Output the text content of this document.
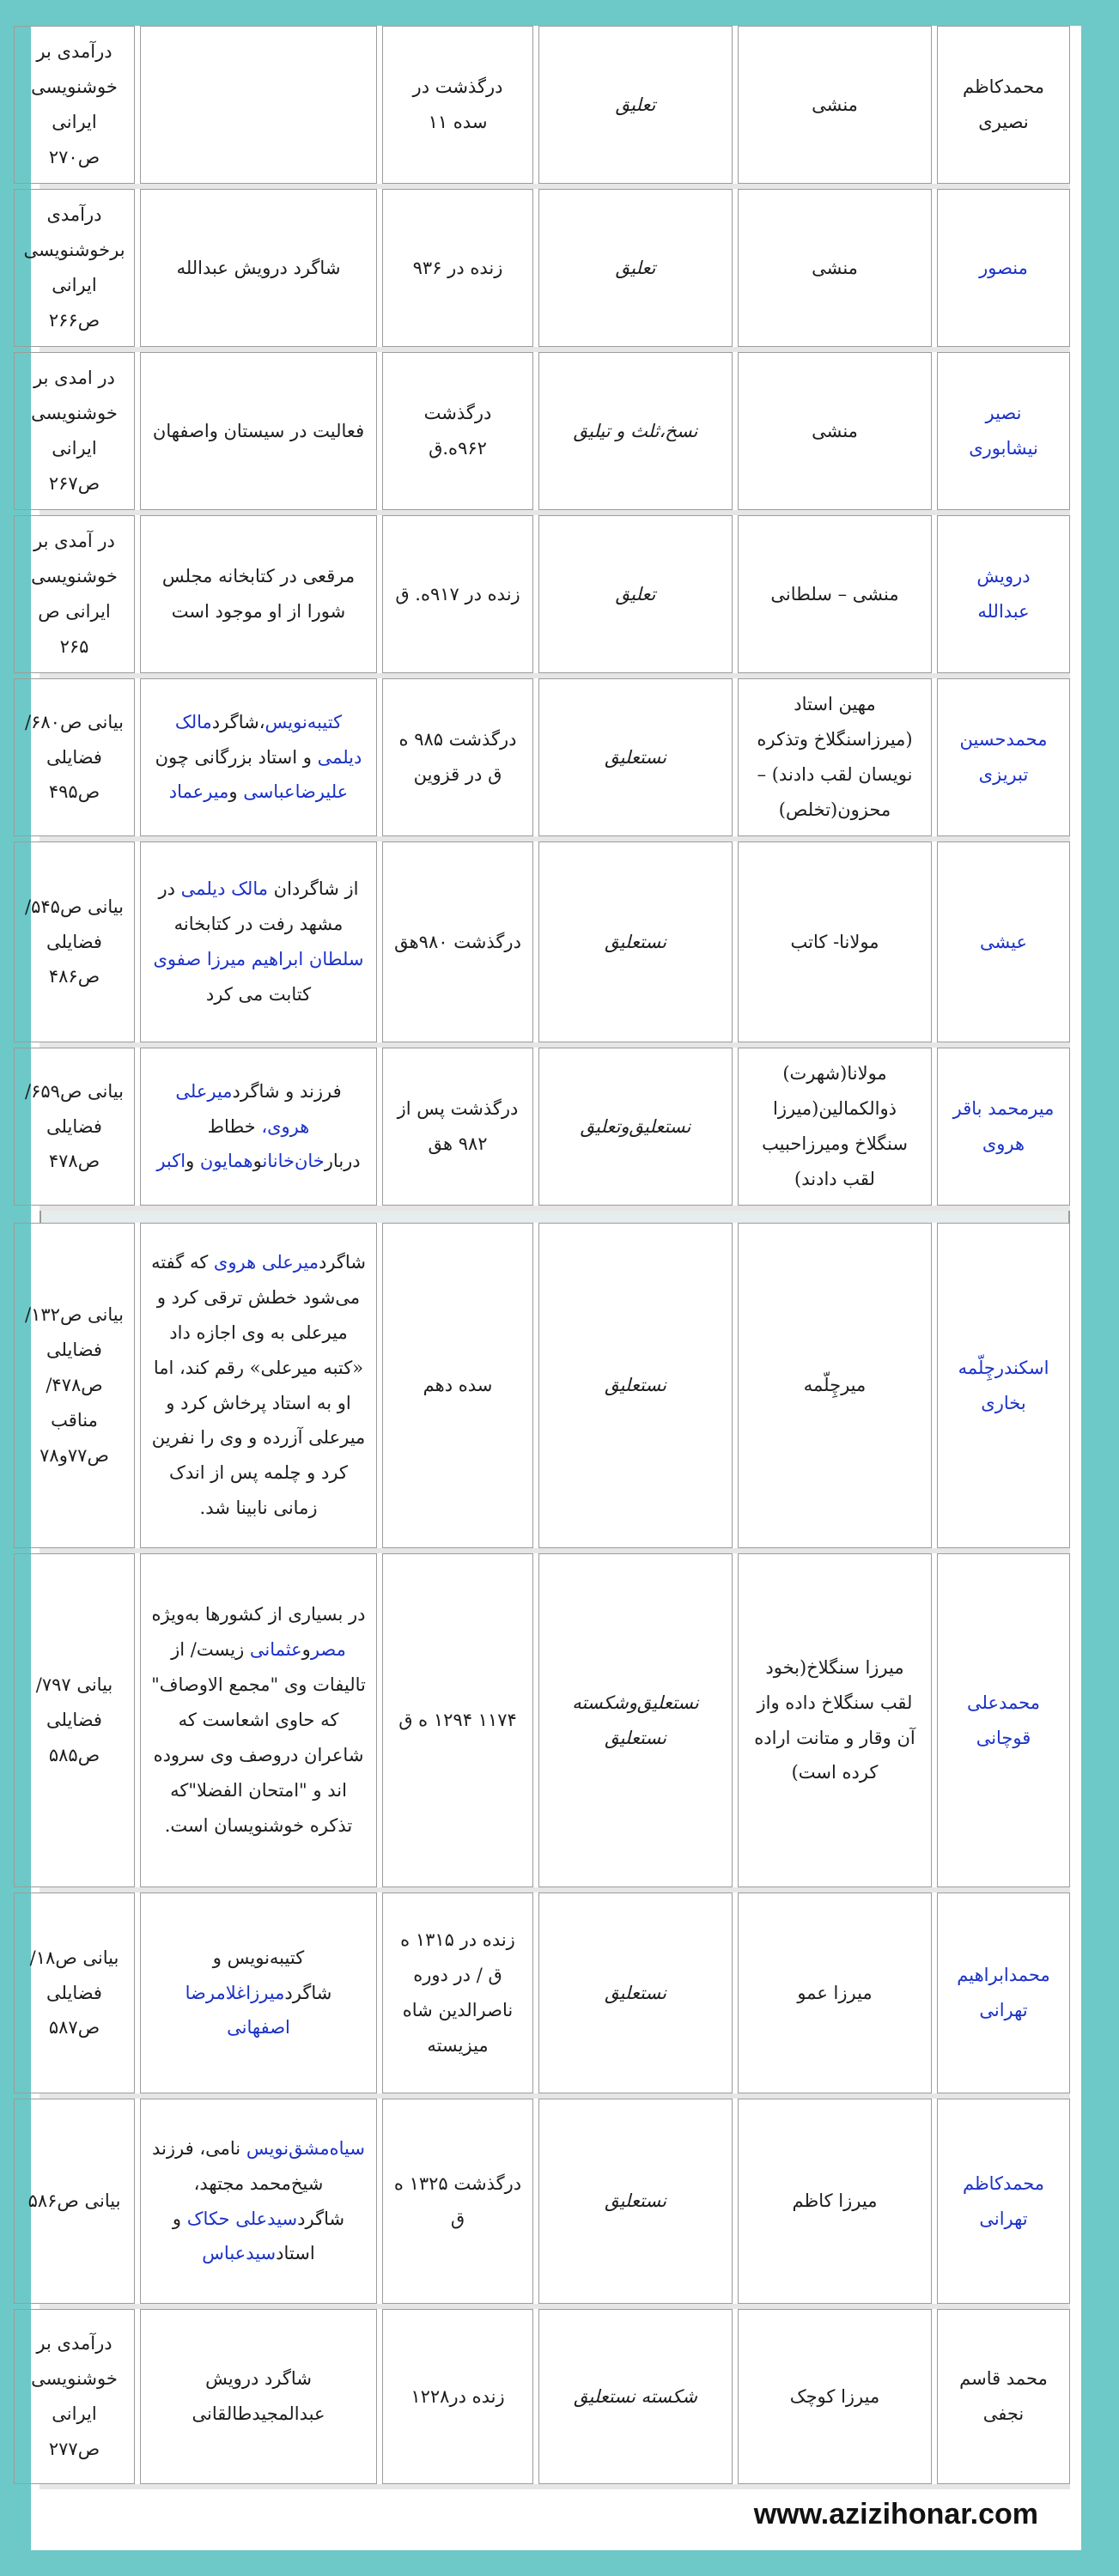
محمدکاظم نصیری
منشی
تعلیق
درگذشت در سده ۱۱
درآمدی بر خوشنویسی ایرانی ص۲۷۰
منصور
منشی
تعلیق
زنده در ۹۳۶
شاگرد درویش عبدالله
درآمدی برخوشنویسی ایرانی ص۲۶۶
نصیر نیشابوری
منشی
نسخ،ثلث و تیلیق
درگذشت ۹۶۲ه.ق
فعالیت در سیستان واصفهان
در امدی بر خوشنویسی ایرانی ص۲۶۷
درویش عبدالله
منشی – سلطانی
تعلیق
زنده در ۹۱۷ه. ق
مرقعی در کتابخانه مجلس شورا از او موجود است
در آمدی بر خوشنویسی ایرانی ص ۲۶۵
محمدحسین تبریزی
مهین استاد (میرزاسنگلاخ وتذکره نویسان لقب دادند) – محزون(تخلص)
نستعلیق
درگذشت ۹۸۵ ه ق در قزوین
کتیبه‌نویس،شاگردمالک دیلمی و استاد بزرگانی چون علیرضاعباسی ومیرعماد
بیانی ص۶۸۰/فضایلی ص۴۹۵
عیشی
مولانا- کاتب
نستعلیق
درگذشت ۹۸۰ه‍ق
از شاگردان مالک دیلمی در مشهد رفت در کتابخانه سلطان ابراهیم میرزا صفوی کتابت می کرد
بیانی ص۵۴۵/ فضایلی ص۴۸۶
میرمحمد باقر هروی
مولانا(شهرت) ذوالکمالین(میرزا سنگلاخ ومیرزاحبیب لقب دادند)
نستعلیق‌وتعلیق
درگذشت پس از ۹۸۲ ه‍ق
فرزند و شاگردمیرعلی هروی، خطاط دربارخان‌خانانوهمایون واکبر
بیانی ص۶۵۹/فضایلی ص۴۷۸
اسکندرچِلّمه بخاری
میرچِلّمه
نستعلیق
سده دهم
شاگردمیرعلی هروی که گفته می‌شود خطش ترقی کرد و میرعلی به وی اجازه داد «کتبه میرعلی» رقم کند، اما او به استاد پرخاش کرد و میرعلی آزرده و وی را نفرین کرد و چلمه پس از اندک زمانی نابینا شد.
بیانی ص۱۳۲/فضایلی ص۴۷۸/ مناقب ص۷۷و۷۸
محمدعلی قوچانی
میرزا سنگلاخ(بخود لقب سنگلاخ داده واز آن وقار و متانت اراده کرده است)
نستعلیق‌وشکسته نستعلیق
۱۱۷۴ ۱۲۹۴ ه ق
در بسیاری از کشورها به‌ویژه مصروعثمانی زیست/ از تالیفات وی "مجمع الاوصاف" که حاوی اشعاست که شاعران دروصف وی سروده اند و "امتحان الفضلا"که تذکره خوشنویسان است.
بیانی ۷۹۷/ فضایلی ص۵۸۵
محمدابراهیم تهرانی
میرزا عمو
نستعلیق
زنده در ۱۳۱۵ ه ق / در دوره ناصرالدین شاه میزیسته
کتیبه‌نویس و شاگردمیرزاغلامرضا اصفهانی
بیانی ص۱۸/فضایلی ص۵۸۷
محمدکاظم تهرانی
میرزا کاظم
نستعلیق
درگذشت ۱۳۲۵ ه ق
سیاه‌مشق‌نویس نامی، فرزند شیخ‌محمد مجتهد، شاگردسیدعلی حکاک و استادسیدعباس
بیانی ص۵۸۶
محمد قاسم نجفی
میرزا کوچک
شکسته نستعلیق
زنده در۱۲۲۸
شاگرد درویش عبدالمجیدطالقانی
درآمدی بر خوشنویسی ایرانی ص۲۷۷
www.azizihonar.com
